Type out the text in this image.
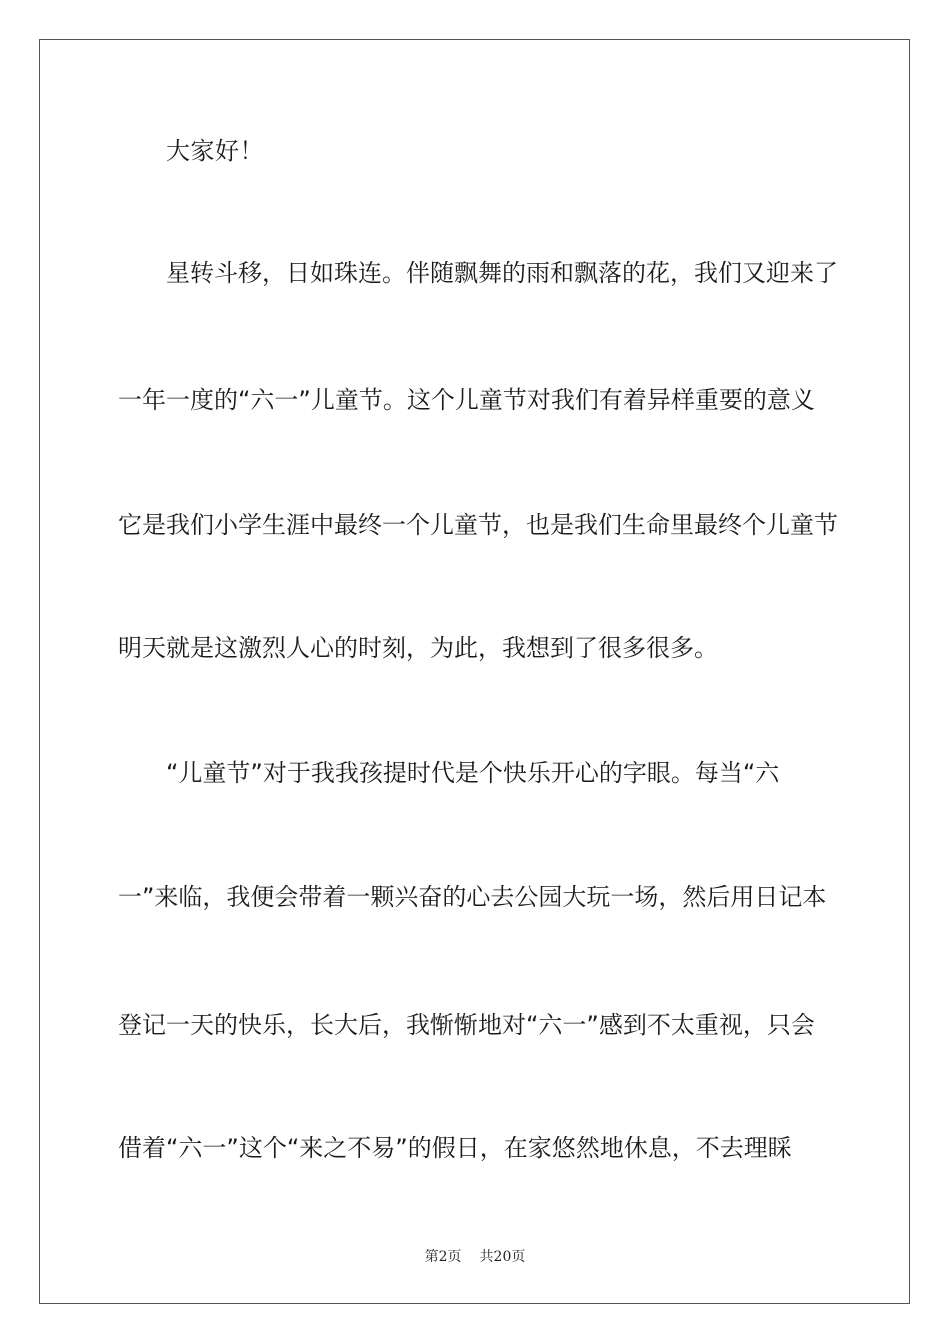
大家好！
星转斗移，日如珠连。伴随飘舞的雨和飘落的花，我们又迎来了
一年一度的“六一”儿童节。这个儿童节对我们有着异样重要的意义
它是我们小学生涯中最终一个儿童节，也是我们生命里最终个儿童节
明天就是这激烈人心的时刻，为此，我想到了很多很多。
“儿童节”对于我我孩提时代是个快乐开心的字眼。每当“六
一”来临，我便会带着一颗兴奋的心去公园大玩一场，然后用日记本
登记一天的快乐，长大后，我惭惭地对“六一”感到不太重视，只会
借着“六一”这个“来之不易”的假日，在家悠然地休息，不去理睬
第2页 共20页
